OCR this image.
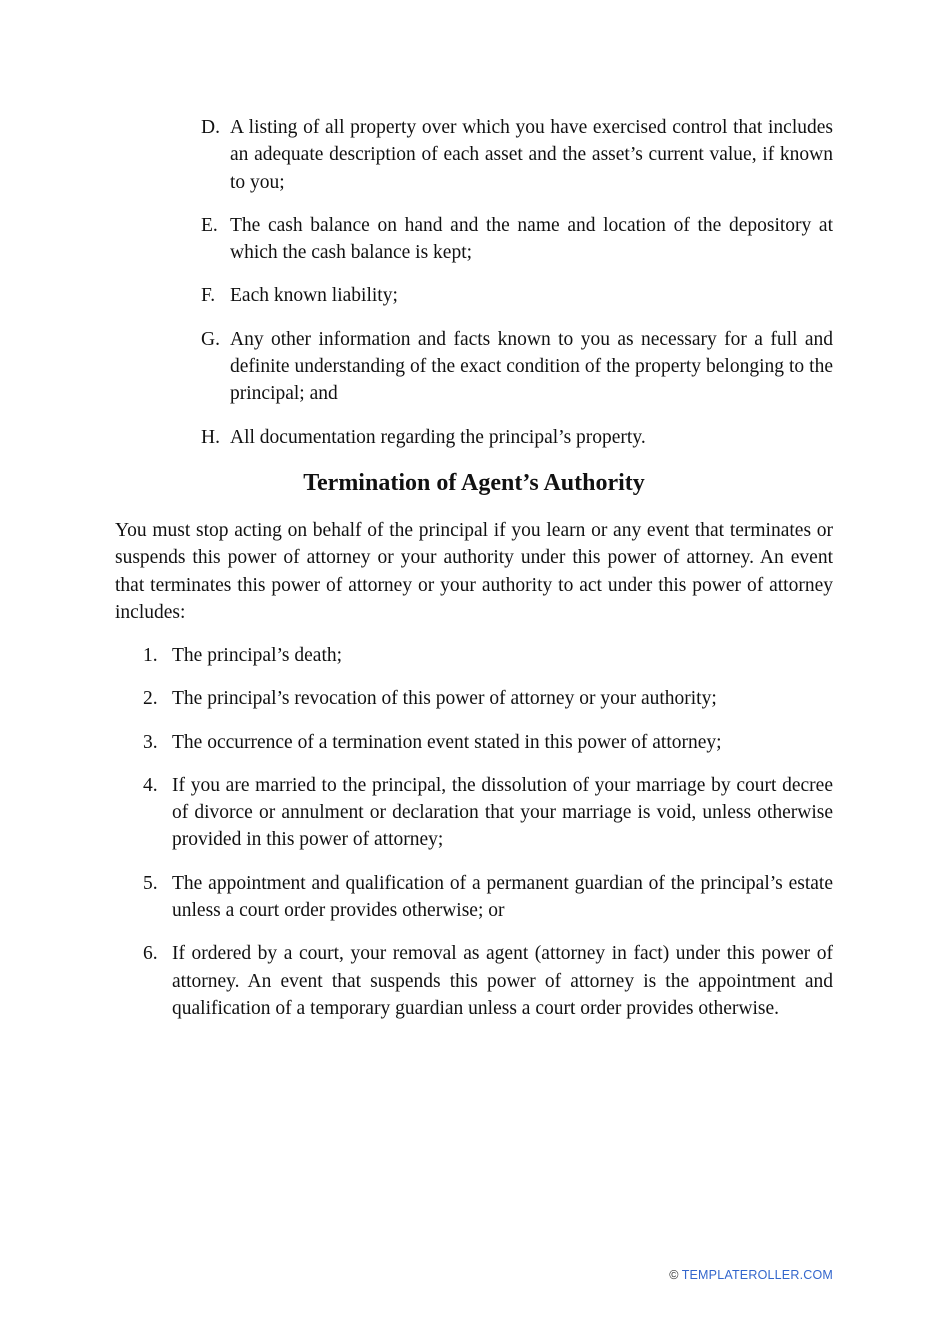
D. A listing of all property over which you have exercised control that includes an adequate description of each asset and the asset’s current value, if known to you;
E. The cash balance on hand and the name and location of the depository at which the cash balance is kept;
F. Each known liability;
G. Any other information and facts known to you as necessary for a full and definite understanding of the exact condition of the property belonging to the principal; and
H. All documentation regarding the principal’s property.
Termination of Agent’s Authority
You must stop acting on behalf of the principal if you learn or any event that terminates or suspends this power of attorney or your authority under this power of attorney. An event that terminates this power of attorney or your authority to act under this power of attorney includes:
1. The principal’s death;
2. The principal’s revocation of this power of attorney or your authority;
3. The occurrence of a termination event stated in this power of attorney;
4. If you are married to the principal, the dissolution of your marriage by court decree of divorce or annulment or declaration that your marriage is void, unless otherwise provided in this power of attorney;
5. The appointment and qualification of a permanent guardian of the principal’s estate unless a court order provides otherwise; or
6. If ordered by a court, your removal as agent (attorney in fact) under this power of attorney. An event that suspends this power of attorney is the appointment and qualification of a temporary guardian unless a court order provides otherwise.
© TEMPLATEROLLER.COM
